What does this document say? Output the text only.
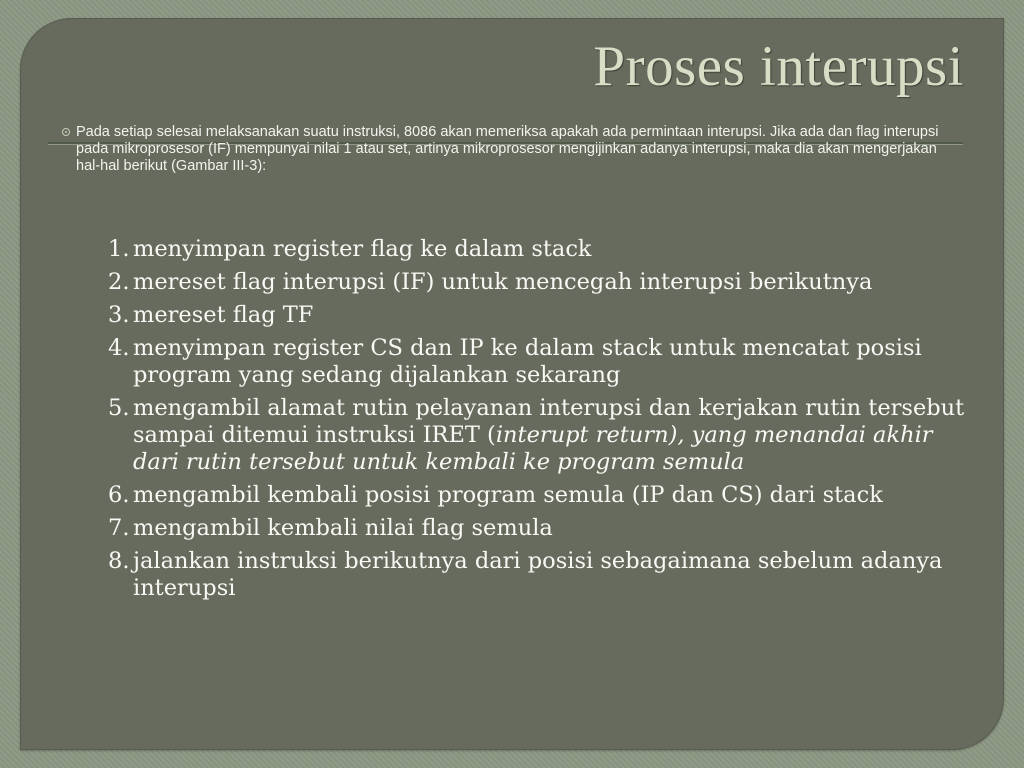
Proses interupsi
Pada setiap selesai melaksanakan suatu instruksi, 8086 akan memeriksa apakah ada permintaan interupsi. Jika ada dan flag interupsi pada mikroprosesor (IF) mempunyai nilai 1 atau set, artinya mikroprosesor mengijinkan adanya interupsi, maka dia akan mengerjakan hal-hal berikut (Gambar III-3):
1. menyimpan register flag ke dalam stack
2. mereset flag interupsi (IF) untuk mencegah interupsi berikutnya
3. mereset flag TF
4. menyimpan register CS dan IP ke dalam stack untuk mencatat posisi program yang sedang dijalankan sekarang
5. mengambil alamat rutin pelayanan interupsi dan kerjakan rutin tersebut sampai ditemui instruksi IRET (interupt return), yang menandai akhir dari rutin tersebut untuk kembali ke program semula
6. mengambil kembali posisi program semula (IP dan CS) dari stack
7. mengambil kembali nilai flag semula
8. jalankan instruksi berikutnya dari posisi sebagaimana sebelum adanya interupsi
